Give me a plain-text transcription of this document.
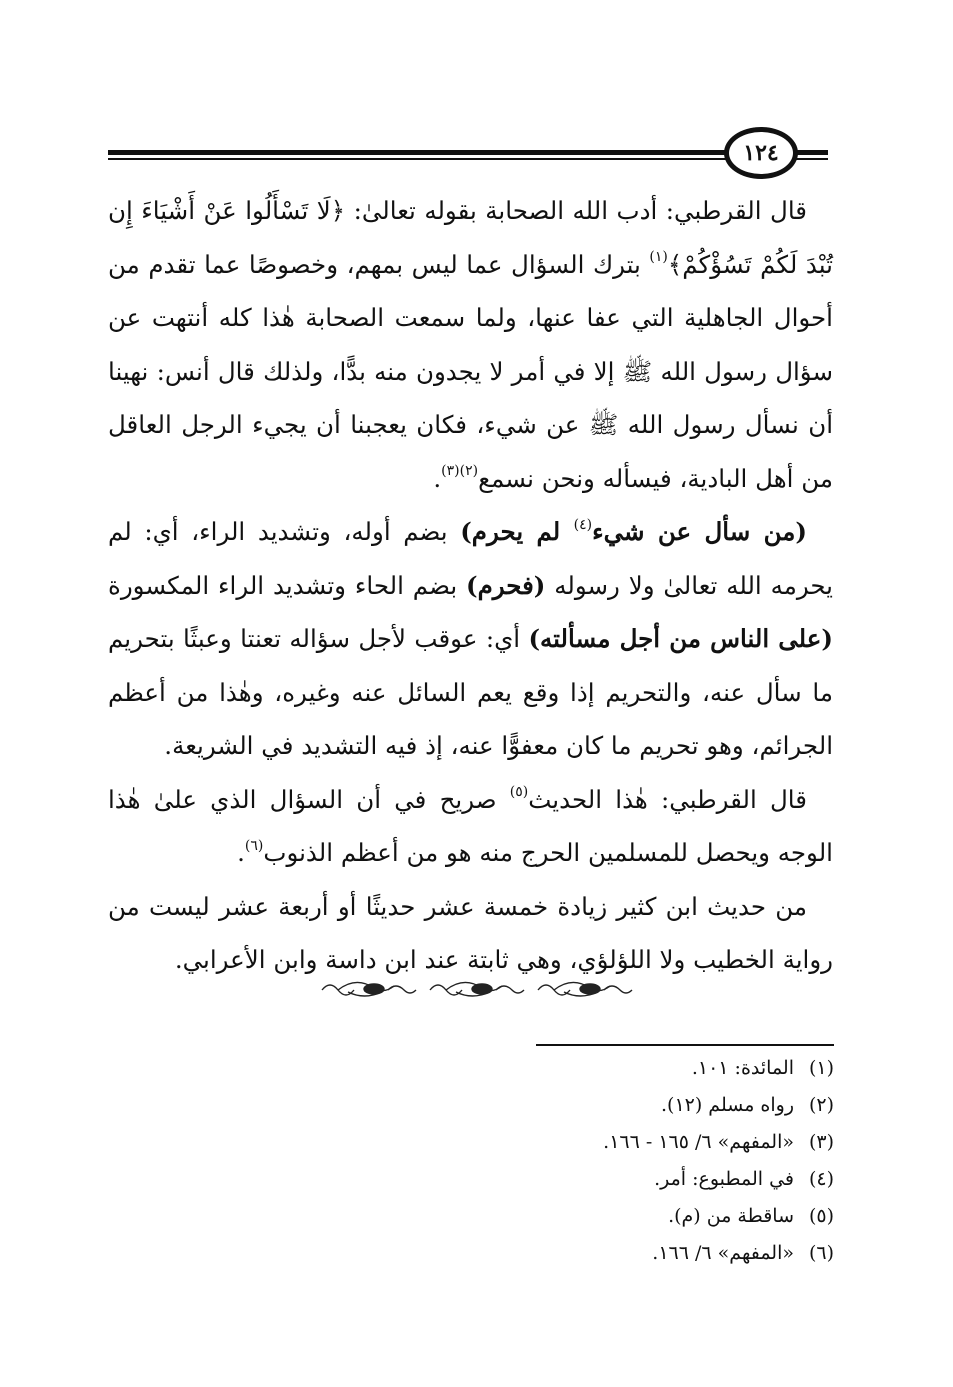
١٢٤

قال القرطبي: أدب الله الصحابة بقوله تعالىٰ: ﴿لَا تَسْأَلُوا عَنْ أَشْيَاءَ إِن تُبْدَ لَكُمْ تَسُؤْكُمْ﴾$^{(١)}$ بترك السؤال عما ليس بمهم، وخصوصًا عما تقدم من أحوال الجاهلية التي عفا عنها، ولما سمعت الصحابة هٰذا كله أنتهت عن سؤال رسول الله ﷺ إلا في أمر لا يجدون منه بدًّا، ولذلك قال أنس: نهينا أن نسأل رسول الله ﷺ عن شيء، فكان يعجبنا أن يجيء الرجل العاقل من أهل البادية، فيسأله ونحن نسمع$^{(٢)(٣)}$.

(من سأل عن شيء$^{(٤)}$ لم يحرم) بضم أوله، وتشديد الراء، أي: لم يحرمه الله تعالىٰ ولا رسوله (فحرم) بضم الحاء وتشديد الراء المكسورة (على الناس من أجل مسألته) أي: عوقب لأجل سؤاله تعنتا وعبثًا بتحريم ما سأل عنه، والتحريم إذا وقع يعم السائل عنه وغيره، وهٰذا من أعظم الجرائم، وهو تحريم ما كان معفوًّا عنه، إذ فيه التشديد في الشريعة.

قال القرطبي: هٰذا الحديث$^{(٥)}$ صريح في أن السؤال الذي علىٰ هٰذا الوجه ويحصل للمسلمين الحرج منه هو من أعظم الذنوب$^{(٦)}$.

من حديث ابن كثير زيادة خمسة عشر حديثًا أو أربعة عشر ليست من رواية الخطيب ولا اللؤلؤي، وهي ثابتة عند ابن داسة وابن الأعرابي.

(١)
المائدة: ١٠١.

(٢)
رواه مسلم (١٢).

(٣)
«المفهم» ٦/ ١٦٥ - ١٦٦.

(٤)
في المطبوع: أمر.

(٥)
ساقطة من (م).

(٦)
«المفهم» ٦/ ١٦٦.
